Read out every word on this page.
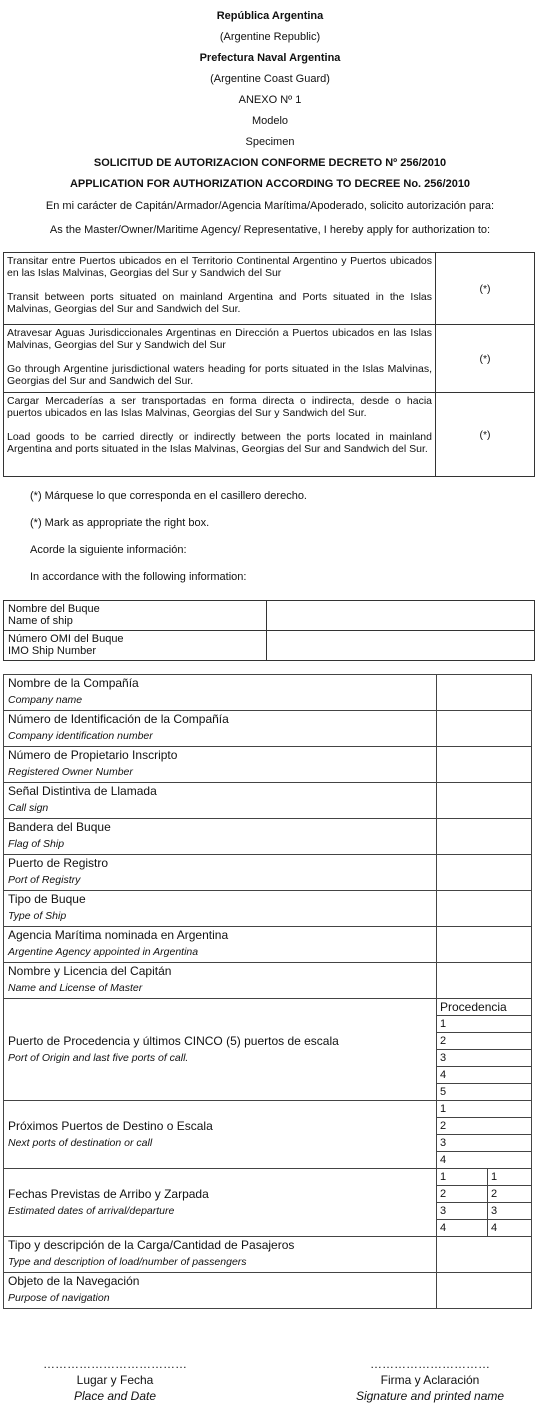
República Argentina
(Argentine Republic)
Prefectura Naval Argentina
(Argentine Coast Guard)
ANEXO Nº 1
Modelo
Specimen
SOLICITUD DE AUTORIZACION CONFORME DECRETO Nº 256/2010
APPLICATION FOR AUTHORIZATION ACCORDING TO DECREE No. 256/2010
En mi carácter de Capitán/Armador/Agencia Marítima/Apoderado, solicito autorización para:
As the Master/Owner/Maritime Agency/ Representative, I hereby apply for authorization to:
Transitar entre Puertos ubicados en el Territorio Continental Argentino y Puertos ubicados en las Islas Malvinas, Georgias del Sur y Sandwich del Sur
Transit between ports situated on mainland Argentina and Ports situated in the Islas Malvinas, Georgias del Sur and Sandwich del Sur.	(*)

Atravesar Aguas Jurisdiccionales Argentinas en Dirección a Puertos ubicados en las Islas Malvinas, Georgias del Sur y Sandwich del Sur
Go through Argentine jurisdictional waters heading for ports situated in the Islas Malvinas, Georgias del Sur and Sandwich del Sur.	(*)

Cargar Mercaderías a ser transportadas en forma directa o indirecta, desde o hacia puertos ubicados en las Islas Malvinas, Georgias del Sur y Sandwich del Sur.
Load goods to be carried directly or indirectly between the ports located in mainland Argentina and ports situated in the Islas Malvinas, Georgias del Sur and Sandwich del Sur.	(*)
(*) Márquese lo que corresponda en el casillero derecho.
(*) Mark as appropriate the right box.
Acorde la siguiente información:
In accordance with the following information:
Nombre del Buque
Name of ship	

Número OMI del Buque
IMO Ship Number	

Nombre de la Compañía
Company name		

Número de Identificación de la Compañía
Company identification number		

Número de Propietario Inscripto
Registered Owner Number		

Señal Distintiva de Llamada
Call sign		

Bandera del Buque
Flag of Ship		

Puerto de Registro
Port of Registry		

Tipo de Buque
Type of Ship		

Agencia Marítima nominada en Argentina
Argentine Agency appointed in Argentina		

Nombre y Licencia del Capitán
Name and License of Master		

Puerto de Procedencia y últimos CINCO (5) puertos de escala
Port of Origin and last five ports of call.	Procedencia	
	1	
	2	
	3	
	4	
	5	

Próximos Puertos de Destino o Escala
Next ports of destination or call	1	
	2	
	3	
	4	

Fechas Previstas de Arribo y Zarpada
Estimated dates of arrival/departure	1	1
	2	2
	3	3
	4	4

Tipo y descripción de la Carga/Cantidad de Pasajeros
Type and description of load/number of passengers		

Objeto de la Navegación
Purpose of navigation		

………………………………
Lugar y Fecha
Place and Date
…………………………
Firma y Aclaración
Signature and printed name
